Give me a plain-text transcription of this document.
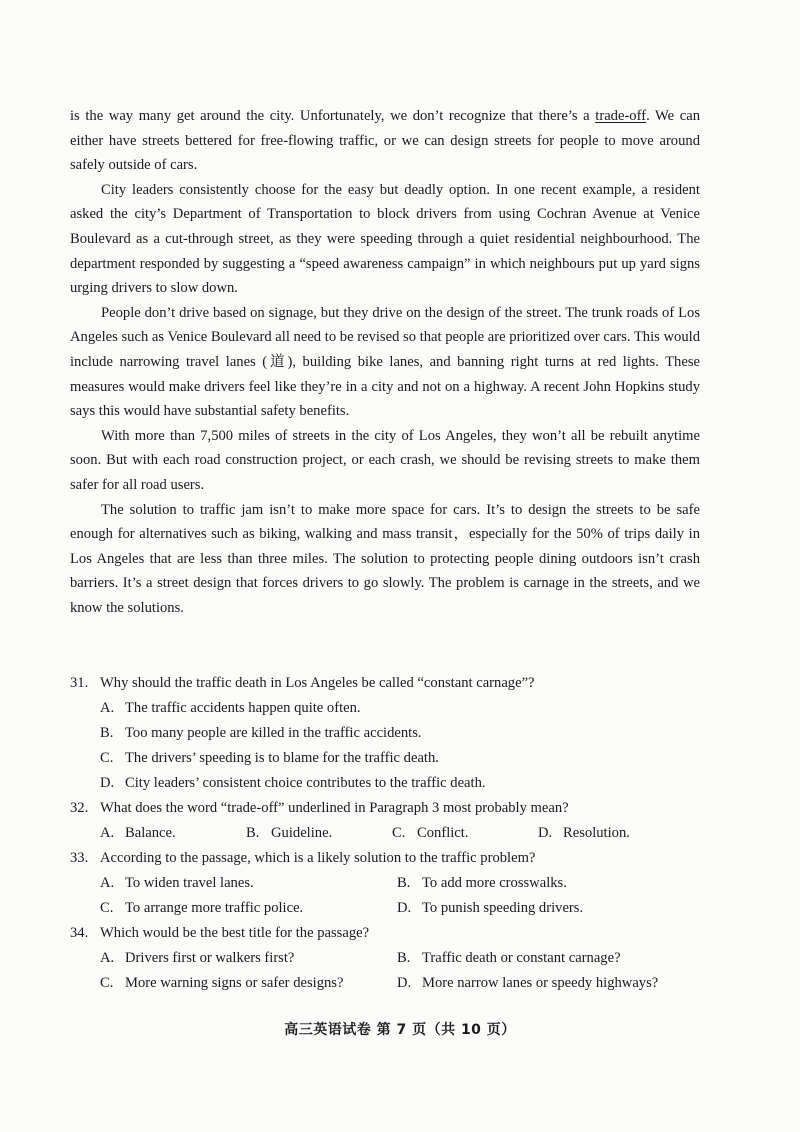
is the way many get around the city. Unfortunately, we don’t recognize that there’s a trade-off. We can either have streets bettered for free-flowing traffic, or we can design streets for people to move around safely outside of cars.

City leaders consistently choose for the easy but deadly option. In one recent example, a resident asked the city’s Department of Transportation to block drivers from using Cochran Avenue at Venice Boulevard as a cut-through street, as they were speeding through a quiet residential neighbourhood. The department responded by suggesting a “speed awareness campaign” in which neighbours put up yard signs urging drivers to slow down.

People don’t drive based on signage, but they drive on the design of the street. The trunk roads of Los Angeles such as Venice Boulevard all need to be revised so that people are prioritized over cars. This would include narrowing travel lanes (道), building bike lanes, and banning right turns at red lights. These measures would make drivers feel like they’re in a city and not on a highway. A recent John Hopkins study says this would have substantial safety benefits.

With more than 7,500 miles of streets in the city of Los Angeles, they won’t all be rebuilt anytime soon. But with each road construction project, or each crash, we should be revising streets to make them safer for all road users.

The solution to traffic jam isn’t to make more space for cars. It’s to design the streets to be safe enough for alternatives such as biking, walking and mass transit，especially for the 50% of trips daily in Los Angeles that are less than three miles. The solution to protecting people dining outdoors isn’t crash barriers. It’s a street design that forces drivers to go slowly. The problem is carnage in the streets, and we know the solutions.

31. Why should the traffic death in Los Angeles be called “constant carnage”?
A. The traffic accidents happen quite often.
B. Too many people are killed in the traffic accidents.
C. The drivers’ speeding is to blame for the traffic death.
D. City leaders’ consistent choice contributes to the traffic death.
32. What does the word “trade-off” underlined in Paragraph 3 most probably mean?
A. Balance.	B. Guideline.	C. Conflict.	D. Resolution.
33. According to the passage, which is a likely solution to the traffic problem?
A. To widen travel lanes.	B. To add more crosswalks.
C. To arrange more traffic police.	D. To punish speeding drivers.
34. Which would be the best title for the passage?
A. Drivers first or walkers first?	B. Traffic death or constant carnage?
C. More warning signs or safer designs?	D. More narrow lanes or speedy highways?
高三英语试卷 第 7 页（共 10 页）
